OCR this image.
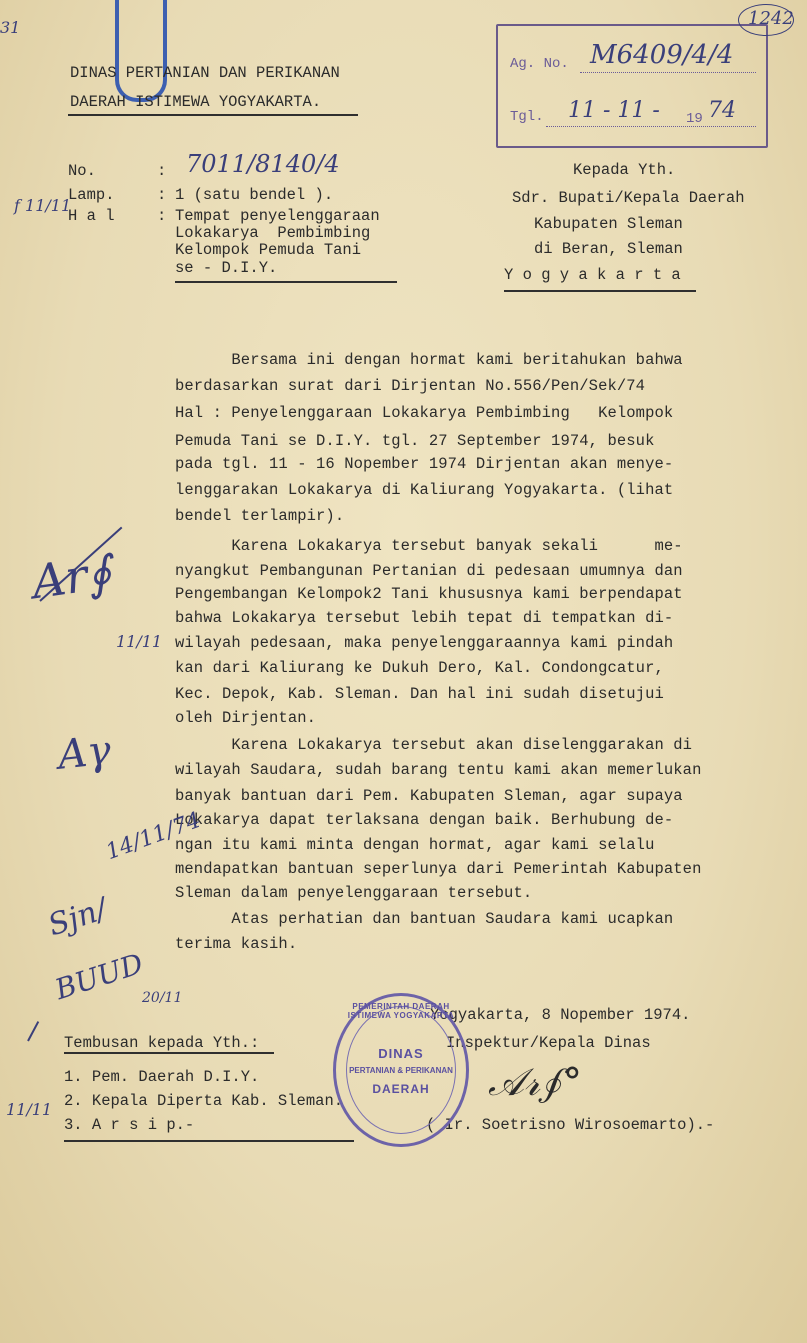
31
DINAS PERTANIAN DAN PERIKANAN
DAERAH ISTIMEWA YOGYAKARTA.
Ag. No. M6409/4/4
Tgl. 11 - 11 - 19 74
1242
No.	: 7011/8140/4
Lamp.	: 1 (satu bendel ).
H a l	: Tempat penyelenggaraan
Lokakarya  Pembimbing
Kelompok Pemuda Tani
se - D.I.Y.
f 11/11
Kepada Yth.
Sdr. Bupati/Kepala Daerah
Kabupaten Sleman
di Beran, Sleman
Y o g y a k a r t a
Bersama ini dengan hormat kami beritahukan bahwa
berdasarkan surat dari Dirjentan No.556/Pen/Sek/74
Hal : Penyelenggaraan Lokakarya Pembimbing   Kelompok
Pemuda Tani se D.I.Y. tgl. 27 September 1974, besuk
pada tgl. 11 - 16 Nopember 1974 Dirjentan akan menye-
lenggarakan Lokakarya di Kaliurang Yogyakarta. (lihat
bendel terlampir).
Karena Lokakarya tersebut banyak sekali      me-
nyangkut Pembangunan Pertanian di pedesaan umumnya dan
Pengembangan Kelompok2 Tani khususnya kami berpendapat
bahwa Lokakarya tersebut lebih tepat di tempatkan di-
wilayah pedesaan, maka penyelenggaraannya kami pindah
kan dari Kaliurang ke Dukuh Dero, Kal. Condongcatur,
Kec. Depok, Kab. Sleman. Dan hal ini sudah disetujui
oleh Dirjentan.
Karena Lokakarya tersebut akan diselenggarakan di
wilayah Saudara, sudah barang tentu kami akan memerlukan
banyak bantuan dari Pem. Kabupaten Sleman, agar supaya
Lokakarya dapat terlaksana dengan baik. Berhubung de-
ngan itu kami minta dengan hormat, agar kami selalu
mendapatkan bantuan seperlunya dari Pemerintah Kabupaten
Sleman dalam penyelenggaraan tersebut.
Atas perhatian dan bantuan Saudara kami ucapkan
terima kasih.
Ar∮
11/11
Aγ
14/11/74
Sjn/
BUUD
20/11
Yogyakarta, 8 Nopember 1974.
Inspektur/Kepala Dinas
𝒜𝓇∮°
( Ir. Soetrisno Wirosoemarto).-
Tembusan kepada Yth.:
1. Pem. Daerah D.I.Y.
2. Kepala Diperta Kab. Sleman.
3. A r s i p.-
11/11
PEMERINTAH DAERAH ISTIMEWA YOGYAKARTA
DINAS
PERTANIAN & PERIKANAN
DAERAH
